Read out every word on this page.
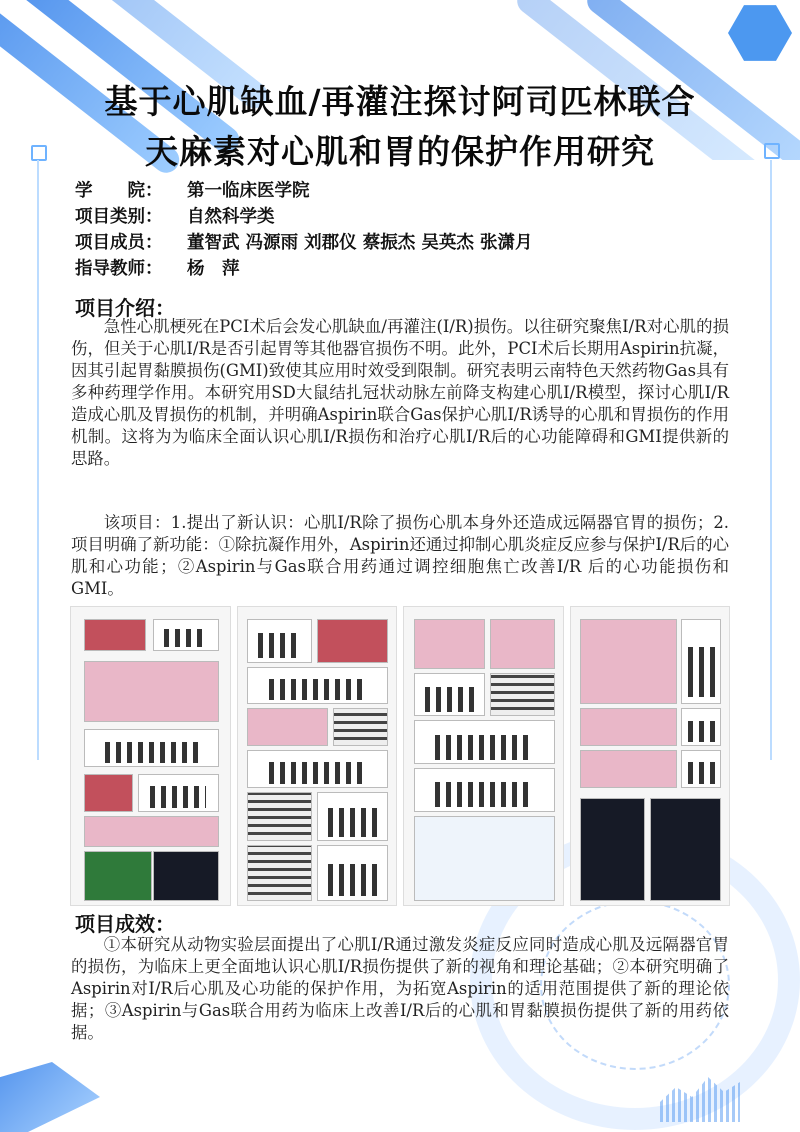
基于心肌缺血/再灌注探讨阿司匹林联合
天麻素对心肌和胃的保护作用研究
学　　院：	第一临床医学院
项目类别：	自然科学类
项目成员：	董智武 冯源雨 刘郡仪 蔡振杰 吴英杰 张潇月
指导教师：	杨　萍
项目介绍：

急性心肌梗死在PCI术后会发心肌缺血/再灌注(I/R)损伤。以往研究聚焦I/R对心肌的损伤，但关于心肌I/R是否引起胃等其他器官损伤不明。此外，PCI术后长期用Aspirin抗凝，因其引起胃黏膜损伤(GMI)致使其应用时效受到限制。研究表明云南特色天然药物Gas具有多种药理学作用。本研究用SD大鼠结扎冠状动脉左前降支构建心肌I/R模型，探讨心肌I/R造成心肌及胃损伤的机制，并明确Aspirin联合Gas保护心肌I/R诱导的心肌和胃损伤的作用机制。这将为为临床全面认识心肌I/R损伤和治疗心肌I/R后的心功能障碍和GMI提供新的思路。

该项目：1.提出了新认识：心肌I/R除了损伤心肌本身外还造成远隔器官胃的损伤；2.项目明确了新功能：①除抗凝作用外，Aspirin还通过抑制心肌炎症反应参与保护I/R后的心肌和心功能；②Aspirin与Gas联合用药通过调控细胞焦亡改善I/R 后的心功能损伤和GMI。

项目成效：

①本研究从动物实验层面提出了心肌I/R通过激发炎症反应同时造成心肌及远隔器官胃的损伤，为临床上更全面地认识心肌I/R损伤提供了新的视角和理论基础；②本研究明确了Aspirin对I/R后心肌及心功能的保护作用，为拓宽Aspirin的适用范围提供了新的理论依据；③Aspirin与Gas联合用药为临床上改善I/R后的心肌和胃黏膜损伤提供了新的用药依据。
